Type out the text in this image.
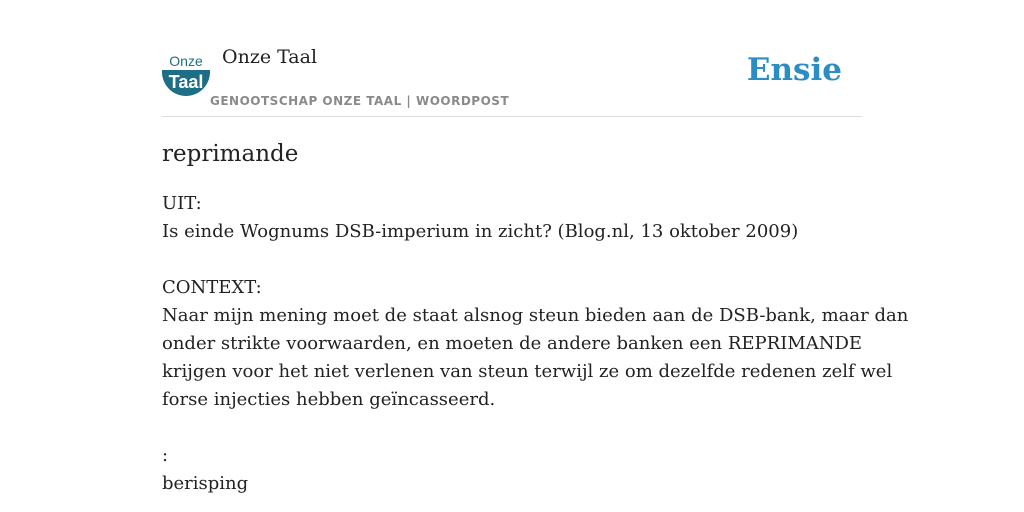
Onze
Taal
Onze Taal
GENOOTSCHAP ONZE TAAL | WOORDPOST
Ensie
reprimande
UIT:
Is einde Wognums DSB-imperium in zicht? (Blog.nl, 13 oktober 2009)
CONTEXT:
Naar mijn mening moet de staat alsnog steun bieden aan de DSB-bank, maar dan
onder strikte voorwaarden, en moeten de andere banken een REPRIMANDE
krijgen voor het niet verlenen van steun terwijl ze om dezelfde redenen zelf wel
forse injecties hebben geïncasseerd.
:
berisping
